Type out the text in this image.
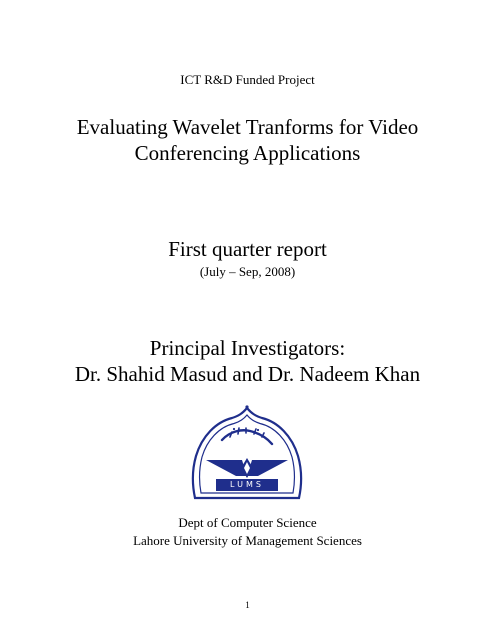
ICT R&D Funded Project
Evaluating Wavelet Tranforms for Video
Conferencing Applications
First quarter report
(July – Sep, 2008)
Principal Investigators:
Dr. Shahid Masud and Dr. Nadeem Khan
LUMS
Dept of Computer Science
Lahore University of Management Sciences
1
